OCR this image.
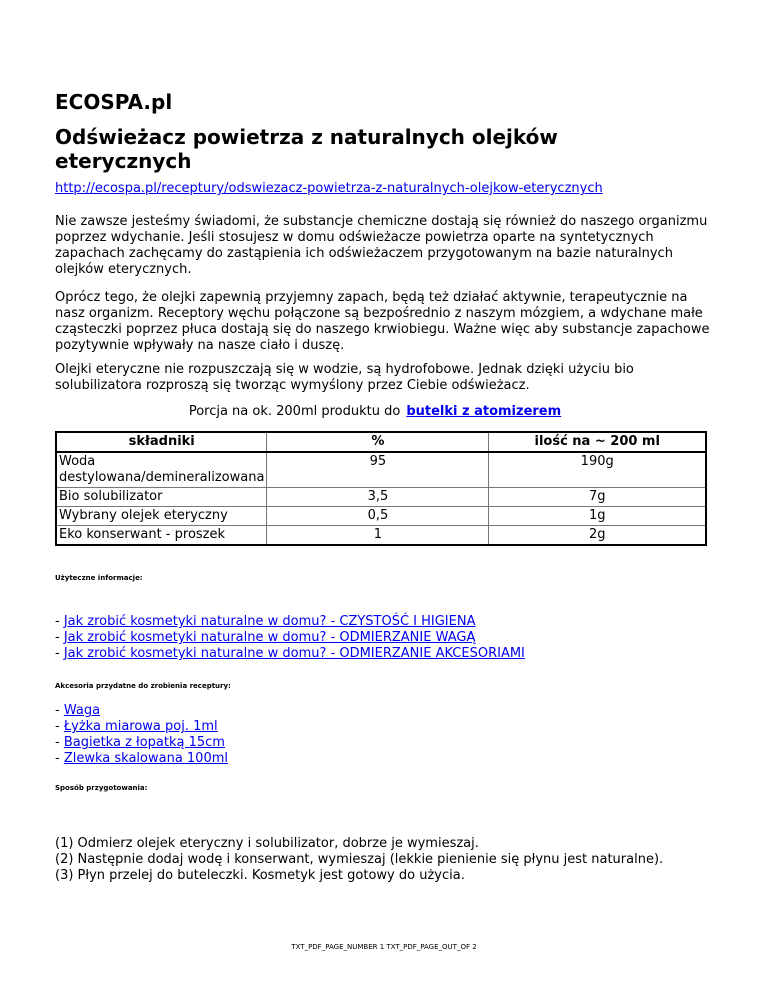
ECOSPA.pl
Odświeżacz powietrza z naturalnych olejków eterycznych
http://ecospa.pl/receptury/odswiezacz-powietrza-z-naturalnych-olejkow-eterycznych

Nie zawsze jesteśmy świadomi, że substancje chemiczne dostają się również do naszego organizmu poprzez wdychanie. Jeśli stosujesz w domu odświeżacze powietrza oparte na syntetycznych zapachach zachęcamy do zastąpienia ich odświeżaczem przygotowanym na bazie naturalnych olejków eterycznych.

Oprócz tego, że olejki zapewnią przyjemny zapach, będą też działać aktywnie, terapeutycznie na nasz organizm. Receptory węchu połączone są bezpośrednio z naszym mózgiem, a wdychane małe cząsteczki poprzez płuca dostają się do naszego krwiobiegu. Ważne więc aby substancje zapachowe pozytywnie wpływały na nasze ciało i duszę.

Olejki eteryczne nie rozpuszczają się w wodzie, są hydrofobowe. Jednak dzięki użyciu bio solubilizatora rozproszą się tworząc wymyślony przez Ciebie odświeżacz.

Porcja na ok. 200ml produktu do butelki z atomizerem
składniki	%	ilość na ~ 200 ml
Woda destylowana/demineralizowana	95	190g
Bio solubilizator	3,5	7g
Wybrany olejek eteryczny	0,5	1g
Eko konserwant - proszek	1	2g
Użyteczne informacje:
- Jak zrobić kosmetyki naturalne w domu? - CZYSTOŚĆ I HIGIENA
- Jak zrobić kosmetyki naturalne w domu? - ODMIERZANIE WAGĄ
- Jak zrobić kosmetyki naturalne w domu? - ODMIERZANIE AKCESORIAMI
Akcesoria przydatne do zrobienia receptury:
- Waga
- Łyżka miarowa poj. 1ml
- Bagietka z łopatką 15cm
- Zlewka skalowana 100ml
Sposób przygotowania:
(1) Odmierz olejek eteryczny i solubilizator, dobrze je wymieszaj.
(2) Następnie dodaj wodę i konserwant, wymieszaj (lekkie pienienie się płynu jest naturalne).
(3) Płyn przelej do buteleczki. Kosmetyk jest gotowy do użycia.
TXT_PDF_PAGE_NUMBER 1 TXT_PDF_PAGE_OUT_OF 2
